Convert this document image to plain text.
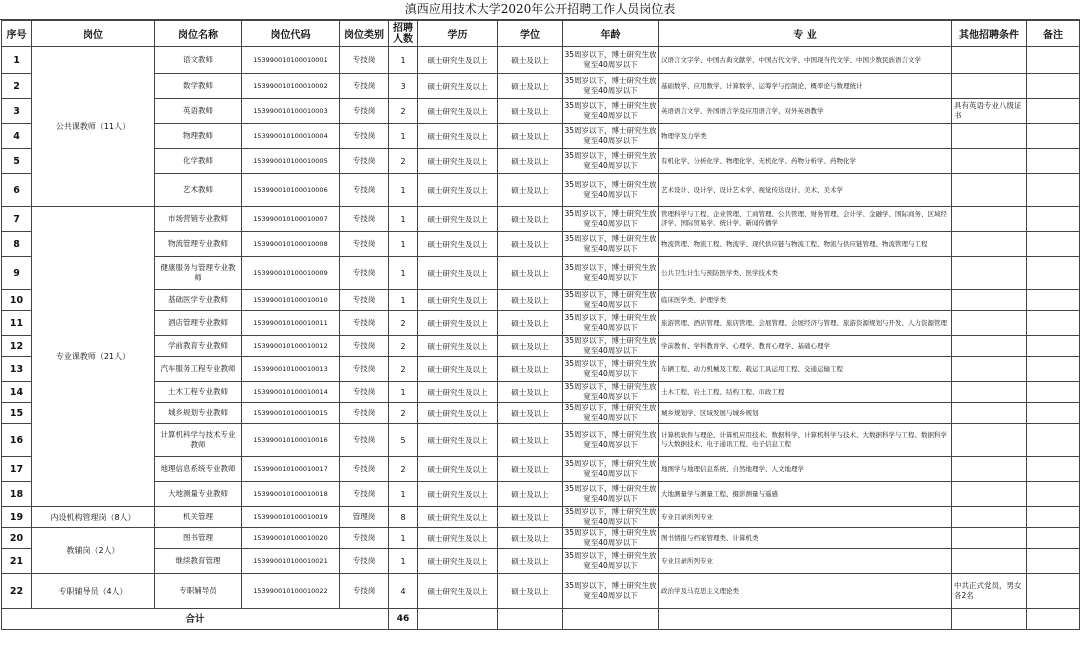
滇西应用技术大学2020年公开招聘工作人员岗位表
序号	岗位	岗位名称	岗位代码	岗位类别	招聘人数	学历	学位	年龄	专 业	其他招聘条件	备注
1	公共课教师（11人）	语文教师	153990010100010001	专技岗	1	硕士研究生及以上	硕士及以上	35周岁以下，博士研究生放宽至40周岁以下	汉语言文字学、中国古典文献学、中国古代文学、中国现当代文学、中国少数民族语言文学		
2		数学教师	153990010100010002	专技岗	3	硕士研究生及以上	硕士及以上	35周岁以下，博士研究生放宽至40周岁以下	基础数学、应用数学、计算数学、运筹学与控制论、概率论与数理统计		
3		英语教师	153990010100010003	专技岗	2	硕士研究生及以上	硕士及以上	35周岁以下，博士研究生放宽至40周岁以下	英语语言文学、外国语言学及应用语言学、对外英语教学	具有英语专业八级证书	
4		物理教师	153990010100010004	专技岗	1	硕士研究生及以上	硕士及以上	35周岁以下，博士研究生放宽至40周岁以下	物理学及力学类		
5		化学教师	153990010100010005	专技岗	2	硕士研究生及以上	硕士及以上	35周岁以下，博士研究生放宽至40周岁以下	有机化学、分析化学、物理化学、无机化学、药物分析学、药物化学		
6		艺术教师	153990010100010006	专技岗	1	硕士研究生及以上	硕士及以上	35周岁以下，博士研究生放宽至40周岁以下	艺术设计、设计学、设计艺术学、视觉传达设计、美术、美术学		
7	专业课教师（21人）	市场营销专业教师	153990010100010007	专技岗	1	硕士研究生及以上	硕士及以上	35周岁以下，博士研究生放宽至40周岁以下	管理科学与工程、企业管理、工商管理、公共管理、财务管理、会计学、金融学、国际商务、区域经济学、国际贸易学、统计学、新闻传播学		
8		物流管理专业教师	153990010100010008	专技岗	1	硕士研究生及以上	硕士及以上	35周岁以下，博士研究生放宽至40周岁以下	物流管理、物流工程、物流学、现代供应链与物流工程、物流与供应链管理、物流管理与工程		
9		健康服务与管理专业教师	153990010100010009	专技岗	1	硕士研究生及以上	硕士及以上	35周岁以下，博士研究生放宽至40周岁以下	公共卫生计生与预防医学类、医学技术类		
10		基础医学专业教师	153990010100010010	专技岗	1	硕士研究生及以上	硕士及以上	35周岁以下，博士研究生放宽至40周岁以下	临床医学类、护理学类		
11		酒店管理专业教师	153990010100010011	专技岗	2	硕士研究生及以上	硕士及以上	35周岁以下，博士研究生放宽至40周岁以下	旅游管理、酒店管理、旅店管理、会展管理、会展经济与管理、旅游资源规划与开发、人力资源管理		
12		学前教育专业教师	153990010100010012	专技岗	2	硕士研究生及以上	硕士及以上	35周岁以下，博士研究生放宽至40周岁以下	学前教育、学科教育学、心理学、教育心理学、基础心理学		
13		汽车服务工程专业教师	153990010100010013	专技岗	2	硕士研究生及以上	硕士及以上	35周岁以下，博士研究生放宽至40周岁以下	车辆工程、动力机械及工程、载运工具运用工程、交通运输工程		
14		土木工程专业教师	153990010100010014	专技岗	1	硕士研究生及以上	硕士及以上	35周岁以下，博士研究生放宽至40周岁以下	土木工程、岩土工程、结构工程、市政工程		
15		城乡规划专业教师	153990010100010015	专技岗	2	硕士研究生及以上	硕士及以上	35周岁以下，博士研究生放宽至40周岁以下	城乡规划学、区域发展与城乡规划		
16		计算机科学与技术专业教师	153990010100010016	专技岗	5	硕士研究生及以上	硕士及以上	35周岁以下，博士研究生放宽至40周岁以下	计算机软件与理论、计算机应用技术、数据科学、计算机科学与技术、大数据科学与工程、数据科学与大数据技术、电子通讯工程、电子信息工程		
17		地理信息系统专业教师	153990010100010017	专技岗	2	硕士研究生及以上	硕士及以上	35周岁以下，博士研究生放宽至40周岁以下	地图学与地理信息系统、自然地理学、人文地理学		
18		大地测量专业教师	153990010100010018	专技岗	1	硕士研究生及以上	硕士及以上	35周岁以下，博士研究生放宽至40周岁以下	大地测量学与测量工程、摄影测量与遥感		
19	内设机构管理岗（8人）	机关管理	153990010100010019	管理岗	8	硕士研究生及以上	硕士及以上	35周岁以下，博士研究生放宽至40周岁以下	专业目录所列专业		
20	教辅岗（2人）	图书管理	153990010100010020	专技岗	1	硕士研究生及以上	硕士及以上	35周岁以下，博士研究生放宽至40周岁以下	图书情报与档案管理类、计算机类		
21		继续教育管理	153990010100010021	专技岗	1	硕士研究生及以上	硕士及以上	35周岁以下，博士研究生放宽至40周岁以下	专业目录所列专业		
22	专职辅导员（4人）	专职辅导员	153990010100010022	专技岗	4	硕士研究生及以上	硕士及以上	35周岁以下，博士研究生放宽至40周岁以下	政治学及马克思主义理论类	中共正式党员，男女各2名	
合计					46						
